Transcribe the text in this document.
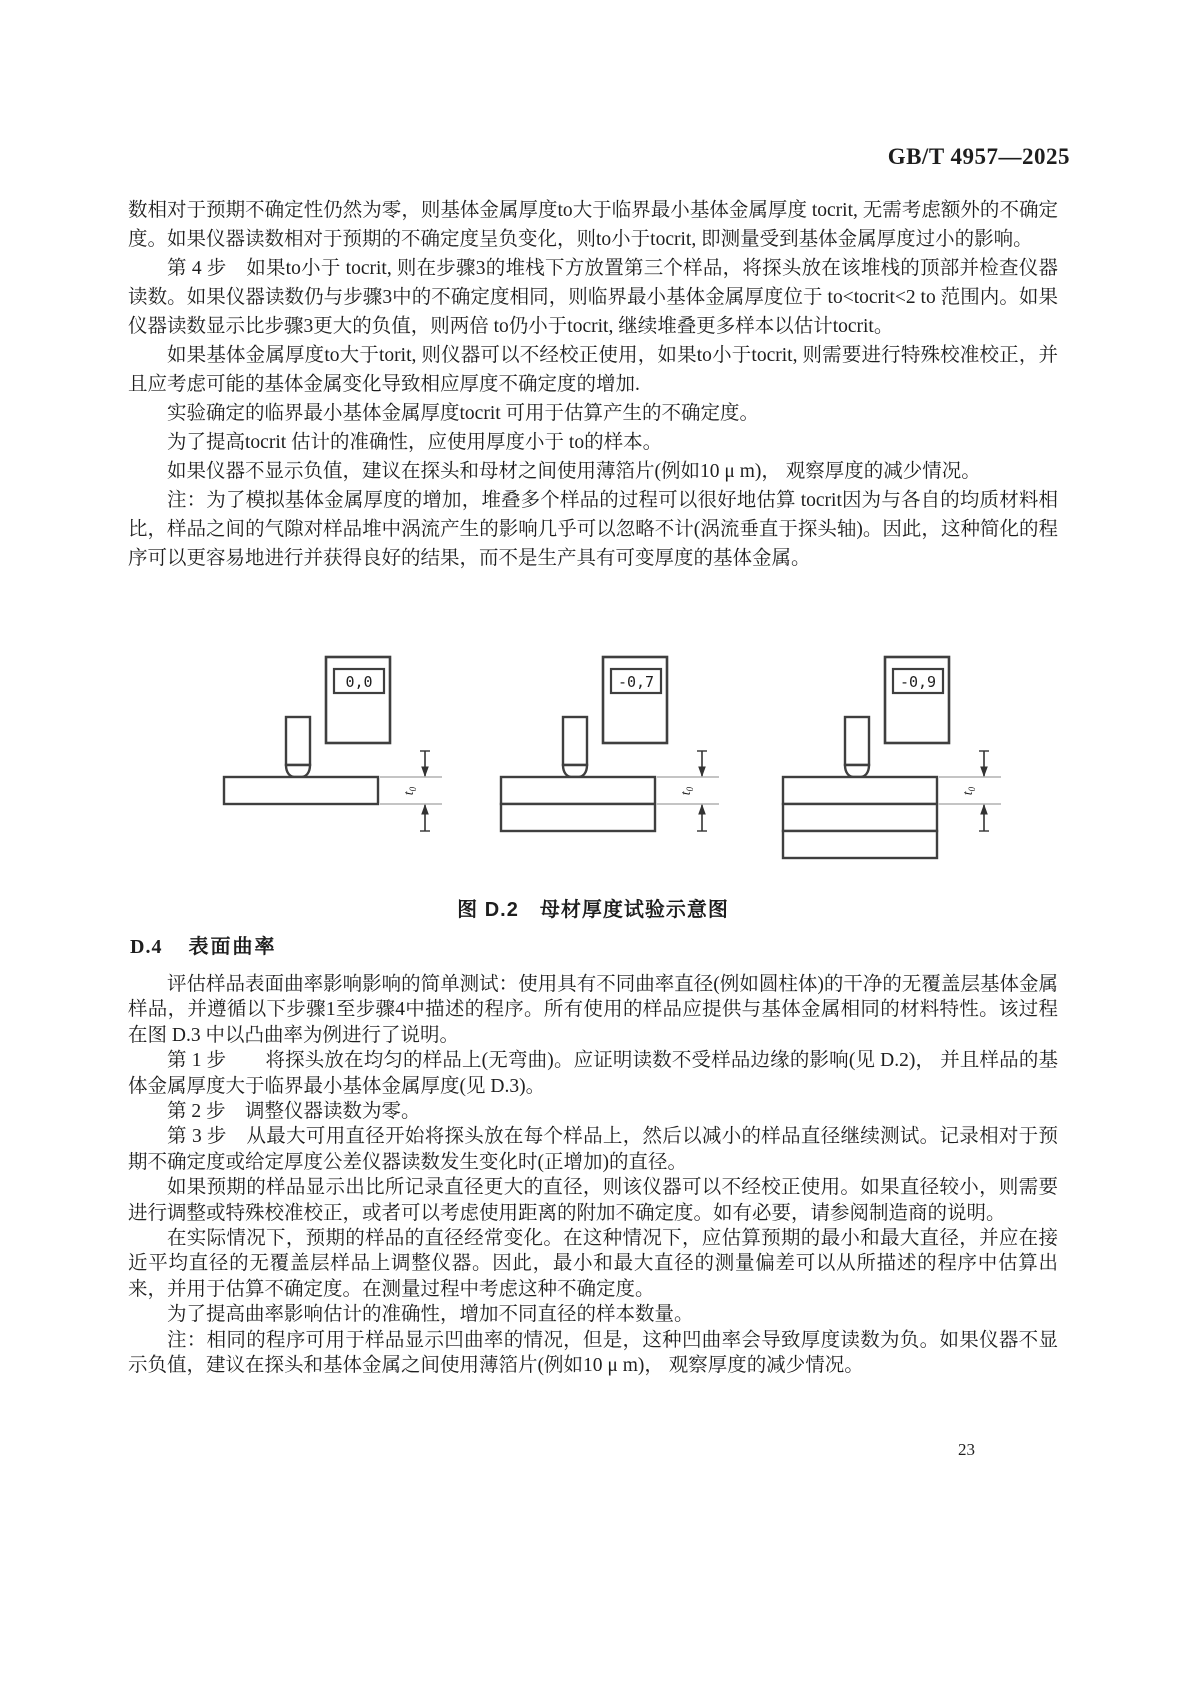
GB/T 4957—2025

数相对于预期不确定性仍然为零，则基体金属厚度to大于临界最小基体金属厚度 tocrit, 无需考虑额外的不确定度。如果仪器读数相对于预期的不确定度呈负变化，则to小于tocrit, 即测量受到基体金属厚度过小的影响。

第 4 步　如果to小于 tocrit, 则在步骤3的堆栈下方放置第三个样品，将探头放在该堆栈的顶部并检查仪器读数。如果仪器读数仍与步骤3中的不确定度相同，则临界最小基体金属厚度位于 to<tocrit<2 to 范围内。如果仪器读数显示比步骤3更大的负值，则两倍 to仍小于tocrit, 继续堆叠更多样本以估计tocrit。

如果基体金属厚度to大于torit, 则仪器可以不经校正使用，如果to小于tocrit, 则需要进行特殊校准校正，并且应考虑可能的基体金属变化导致相应厚度不确定度的增加.

实验确定的临界最小基体金属厚度tocrit 可用于估算产生的不确定度。

为了提高tocrit 估计的准确性，应使用厚度小于 to的样本。

如果仪器不显示负值，建议在探头和母材之间使用薄箔片(例如10 μ m)， 观察厚度的减少情况。

注：为了模拟基体金属厚度的增加，堆叠多个样品的过程可以很好地估算 tocrit因为与各自的均质材料相比，样品之间的气隙对样品堆中涡流产生的影响几乎可以忽略不计(涡流垂直于探头轴)。因此，这种简化的程序可以更容易地进行并获得良好的结果，而不是生产具有可变厚度的基体金属。

0,0
$t_0$
-0,7
$t_0$
-0,9
$t_0$
图 D.2　母材厚度试验示意图
D.4 表面曲率

评估样品表面曲率影响影响的简单测试：使用具有不同曲率直径(例如圆柱体)的干净的无覆盖层基体金属样品，并遵循以下步骤1至步骤4中描述的程序。所有使用的样品应提供与基体金属相同的材料特性。该过程在图 D.3 中以凸曲率为例进行了说明。

第 1 步　　将探头放在均匀的样品上(无弯曲)。应证明读数不受样品边缘的影响(见 D.2)， 并且样品的基体金属厚度大于临界最小基体金属厚度(见 D.3)。

第 2 步　调整仪器读数为零。

第 3 步　从最大可用直径开始将探头放在每个样品上，然后以减小的样品直径继续测试。记录相对于预期不确定度或给定厚度公差仪器读数发生变化时(正增加)的直径。

如果预期的样品显示出比所记录直径更大的直径，则该仪器可以不经校正使用。如果直径较小，则需要进行调整或特殊校准校正，或者可以考虑使用距离的附加不确定度。如有必要，请参阅制造商的说明。

在实际情况下，预期的样品的直径经常变化。在这种情况下，应估算预期的最小和最大直径，并应在接近平均直径的无覆盖层样品上调整仪器。因此，最小和最大直径的测量偏差可以从所描述的程序中估算出来，并用于估算不确定度。在测量过程中考虑这种不确定度。

为了提高曲率影响估计的准确性，增加不同直径的样本数量。

注：相同的程序可用于样品显示凹曲率的情况，但是，这种凹曲率会导致厚度读数为负。如果仪器不显示负值，建议在探头和基体金属之间使用薄箔片(例如10 μ m)， 观察厚度的减少情况。

23
